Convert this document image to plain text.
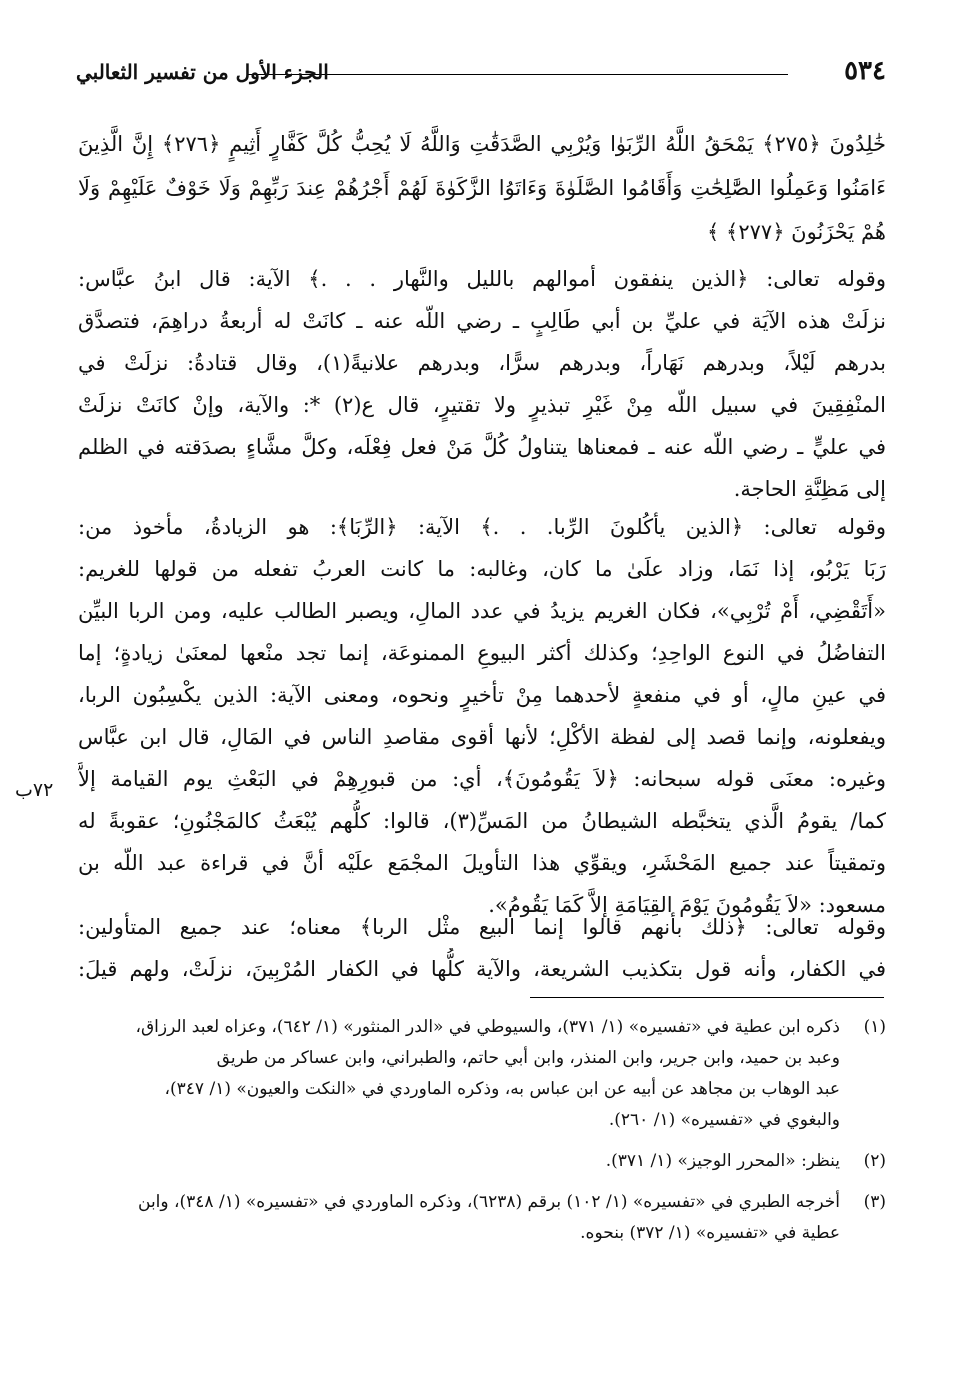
٥٣٤
الجزء الأول من تفسير الثعالبي
خَٰلِدُونَ ﴿٢٧٥﴾ يَمْحَقُ اللَّهُ الرِّبَوٰا وَيُرْبِي الصَّدَقَٰتِ وَاللَّهُ لَا يُحِبُّ كُلَّ كَفَّارٍ أَثِيمٍ ﴿٢٧٦﴾ إِنَّ الَّذِينَ
ءَامَنُوا وَعَمِلُوا الصَّٰلِحَٰتِ وَأَقَامُوا الصَّلَوٰةَ وَءَاتَوُا الزَّكَوٰةَ لَهُمْ أَجْرُهُمْ عِندَ رَبِّهِمْ وَلَا خَوْفٌ عَلَيْهِمْ وَلَا
هُمْ يَحْزَنُونَ ﴿٢٧٧﴾ ﴾
وقوله تعالى: ﴿الذين ينفقون أموالهم بالليل والنَّهار . . .﴾ الآية: قال ابنُ عبَّاس:
نزلَتْ هذه الآيَة في عليِّ بن أبي طَالِبٍ ـ رضي اللّه عنه ـ كانَتْ له أربعةُ دراهِمَ، فتصدَّق
بدرهم لَيْلاً، وبدرهم نَهَاراً، وبدرهم سرًّا، وبدرهم علانيةً(١)، وقال قتادةُ: نزلَتْ في
المنْفِقِينَ في سبيل اللّه مِنْ غَيْرِ تبذيرٍ ولا تقتيرٍ، قال ع(٢) *: والآية، وإنْ كانَتْ نزلَتْ
في عليٍّ ـ رضي اللّه عنه ـ فمعناها يتناولُ كُلَّ مَنْ فعل فِعْلَه، وكلَّ مشَّاءٍ بصدَقته في الظلم
إلى مَظِنَّةِ الحاجة.
وقوله تعالى: ﴿الذين يأكُلونَ الرِّبا. . .﴾ الآية: ﴿الرِّبَا﴾: هو الزيادةُ، مأخوذ من:
رَبَا يَرْبُو، إذا نَمَا، وزاد علَىٰ ما كان، وغالبه: ما كانت العربُ تفعله من قولها للغريم:
«أَتَقْضِي، أَمْ تُرْبِي»، فكان الغريم يزيدُ في عدد المالِ، ويصبر الطالب عليه، ومن الربا البيِّن
التفاضُلُ في النوع الواحِدِ؛ وكذلك أكثر البيوعِ الممنوعَة، إنما تجد منْعها لمعنَىٰ زيادةٍ؛ إما
في عينِ مالٍ، أو في منفعةٍ لأحدهما مِنْ تأخيرٍ ونحوه، ومعنى الآية: الذين يكْسِبُون الربا،
ويفعلونه، وإنما قصد إلى لفظة الأكْلِ؛ لأنها أقوى مقاصدِ الناس في المَالِ، قال ابن عبَّاس
وغيره: معنَى قوله سبحانه: ﴿لاَ يَقُومُونَ﴾، أي: من قبورِهِمْ في البَعْثِ يوم القيامة إلاَّ
كما/ يقومُ الَّذي يتخبَّطه الشيطانُ من المَسِّ(٣)، قالوا: كلُّهم يُبْعَثُ كالمَجْنُونِ؛ عقوبةً له
وتمقيتاً عند جميع المَحْشَرِ، ويقوِّي هذا التأويلَ المجْمَع علَيْه أنَّ في قراءة عبد اللّه بن
مسعود: «لاَ يَقُومُونَ يَوْمَ القِيَامَةِ إلاَّ كَمَا يَقُومُ».
٧٢ب
وقوله تعالى: ﴿ذلك بأنهم قالوا إنما البيع مثْل الربا﴾ معناه؛ عند جميع المتأولين:
في الكفار، وأنه قول بتكذيب الشريعة، والآية كلُّها في الكفار المُرْبِينَ، نزلَتْ، ولهم قيلَ:
(١)
ذكره ابن عطية في «تفسيره» (١/ ٣٧١)، والسيوطي في «الدر المنثور» (١/ ٦٤٢)، وعزاه لعبد الرزاق،
وعبد بن حميد، وابن جرير، وابن المنذر، وابن أبي حاتم، والطبراني، وابن عساكر من طريق
عبد الوهاب بن مجاهد عن أبيه عن ابن عباس به، وذكره الماوردي في «النكت والعيون» (١/ ٣٤٧)،
والبغوي في «تفسيره» (١/ ٢٦٠).
(٢)
ينظر: «المحرر الوجيز» (١/ ٣٧١).
(٣)
أخرجه الطبري في «تفسيره» (١/ ١٠٢) برقم (٦٢٣٨)، وذكره الماوردي في «تفسيره» (١/ ٣٤٨)، وابن
عطية في «تفسيره» (١/ ٣٧٢) بنحوه.
